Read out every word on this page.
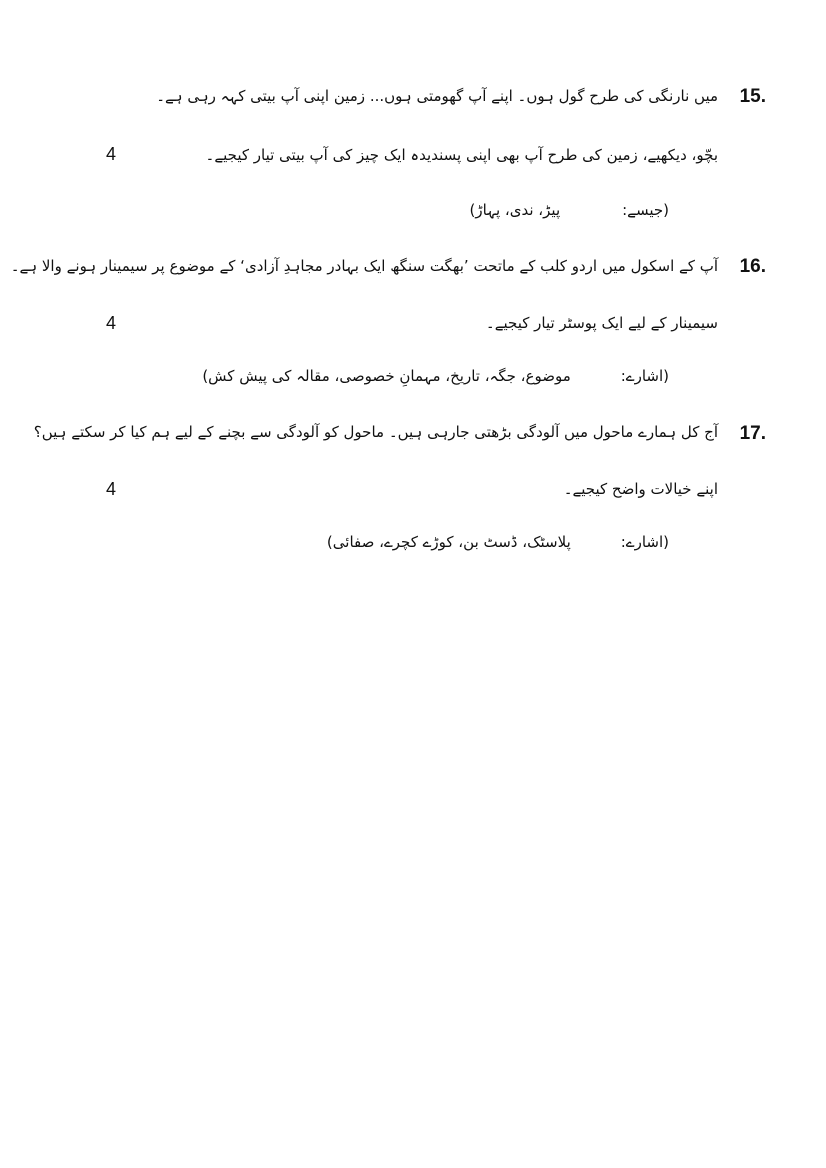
15.
میں نارنگی کی طرح گول ہوں۔ اپنے آپ گھومتی ہوں... زمین اپنی آپ بیتی کہہ رہی ہے۔
بچّو، دیکھیے، زمین کی طرح آپ بھی اپنی پسندیدہ ایک چیز کی آپ بیتی تیار کیجیے۔
4
(جیسے:
پیڑ، ندی، پہاڑ)
16.
آپ کے اسکول میں اردو کلب کے ماتحت ’بھگت سنگھ ایک بہادر مجاہدِ آزادی‘ کے موضوع پر سیمینار ہونے والا ہے۔
سیمینار کے لیے ایک پوسٹر تیار کیجیے۔
4
(اشارے:
موضوع، جگہ، تاریخ، مہمانِ خصوصی، مقالہ کی پیش کش)
17.
آج کل ہمارے ماحول میں آلودگی بڑھتی جارہی ہیں۔ ماحول کو آلودگی سے بچنے کے لیے ہم کیا کر سکتے ہیں؟
اپنے خیالات واضح کیجیے۔
4
(اشارے:
پلاسٹک، ڈسٹ بن، کوڑے کچرے، صفائی)
